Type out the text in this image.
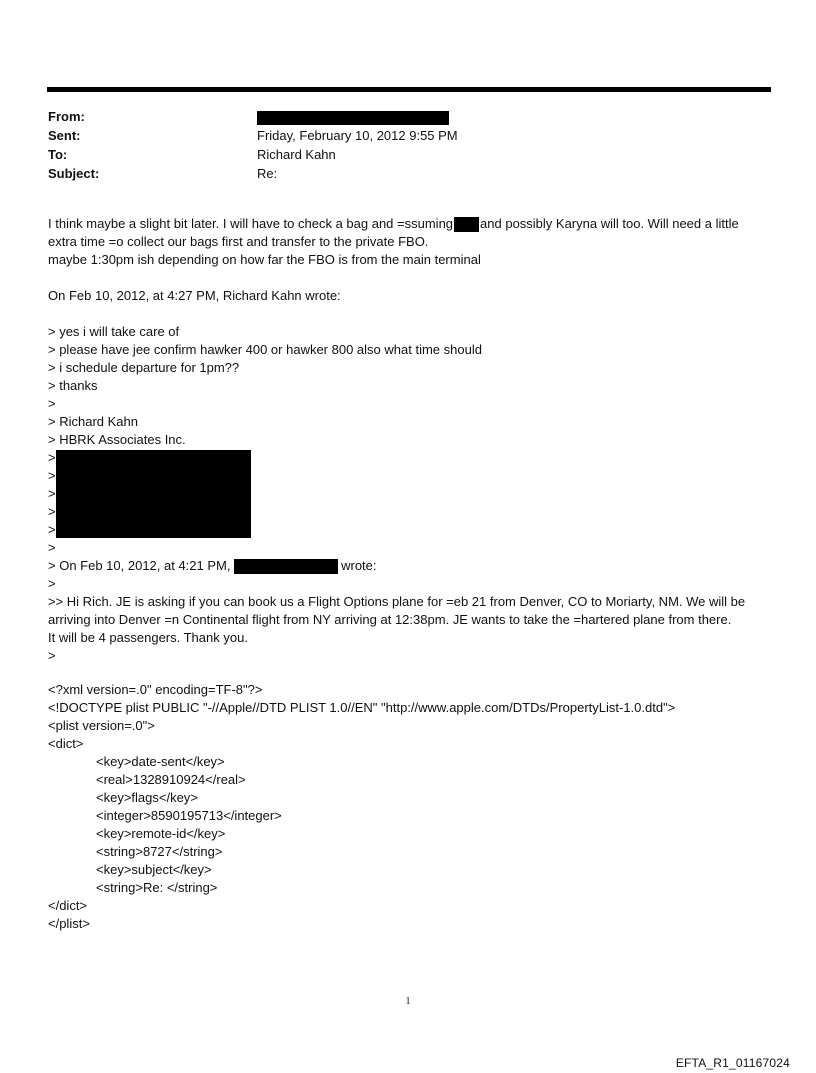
From:
Sent:	Friday, February 10, 2012 9:55 PM
To:	Richard Kahn
Subject:	Re:
I think maybe a slight bit later. I will have to check a bag and =ssuming and possibly Karyna will too. Will need a little
extra time =o collect our bags first and transfer to the private FBO.
maybe 1:30pm ish depending on how far the FBO is from the main terminal
On Feb 10, 2012, at 4:27 PM, Richard Kahn wrote:
> yes i will take care of
> please have jee confirm hawker 400 or hawker 800 also what time should
> i schedule departure for 1pm??
> thanks
>
> Richard Kahn
> HBRK Associates Inc.
>
>
>
>
>
>
> On Feb 10, 2012, at 4:21 PM,	wrote:
>
>> Hi Rich. JE is asking if you can book us a Flight Options plane for =eb 21 from Denver, CO to Moriarty, NM. We will be
arriving into Denver =n Continental flight from NY arriving at 12:38pm. JE wants to take the =hartered plane from there.
It will be 4 passengers. Thank you.
>
<?xml version=.0" encoding=TF-8"?>
<!DOCTYPE plist PUBLIC "-//Apple//DTD PLIST 1.0//EN" "http://www.apple.com/DTDs/PropertyList-1.0.dtd">
<plist version=.0">
<dict>
<key>date-sent</key>
<real>1328910924</real>
<key>flags</key>
<integer>8590195713</integer>
<key>remote-id</key>
<string>8727</string>
<key>subject</key>
<string>Re: </string>
</dict>
</plist>
1
EFTA_R1_01167024
